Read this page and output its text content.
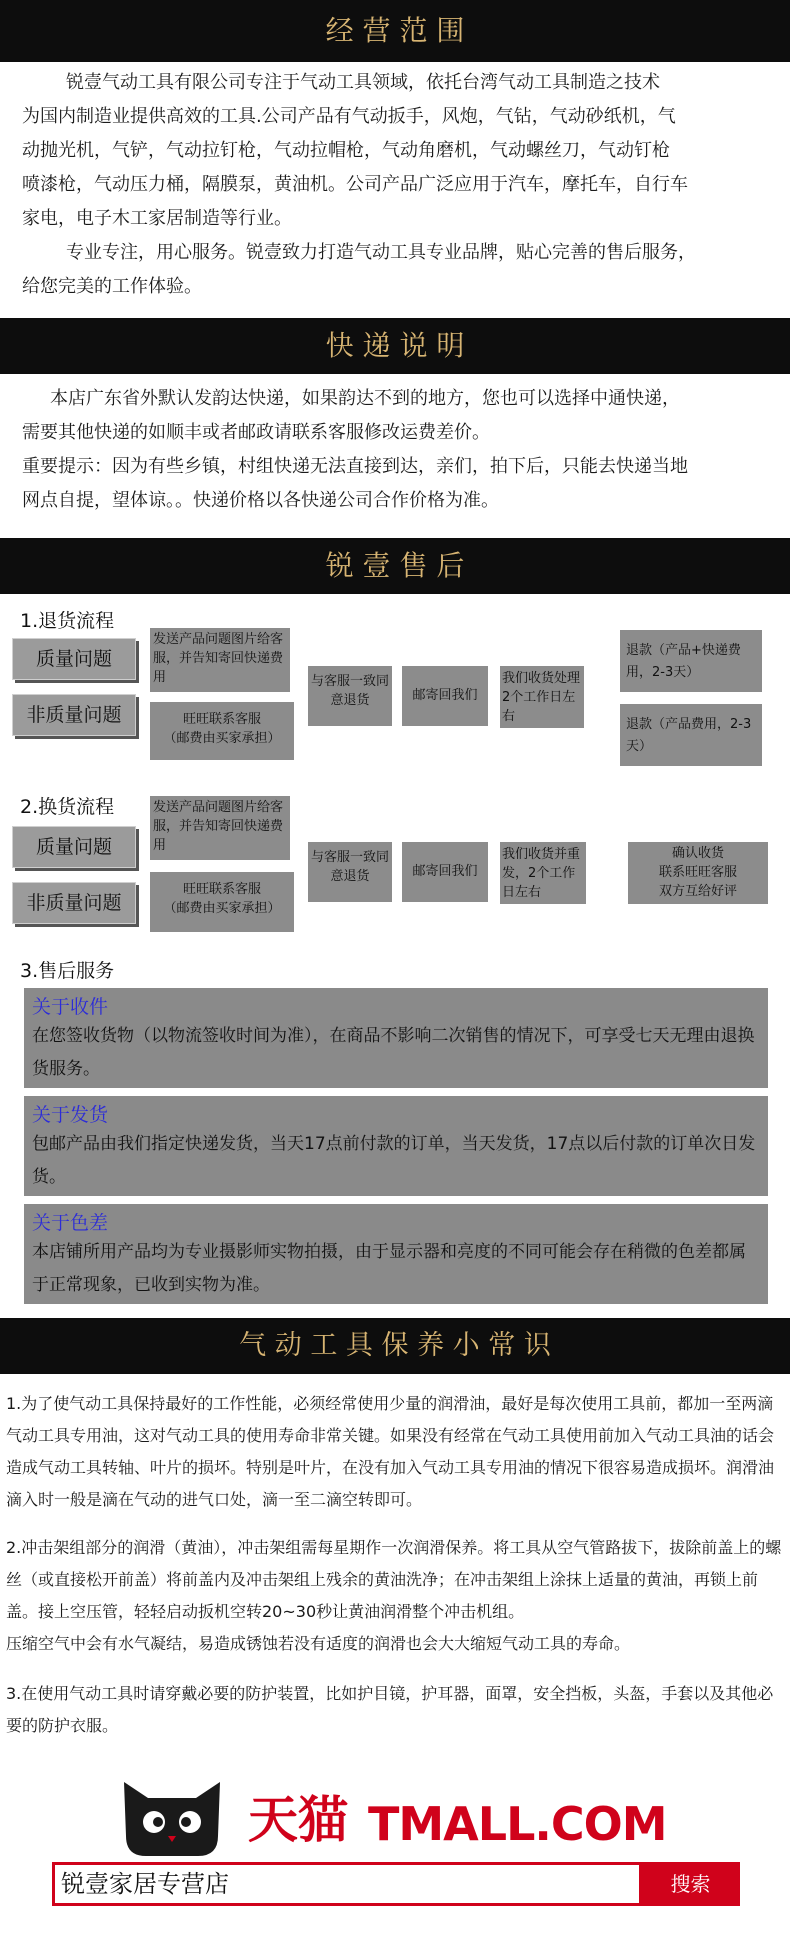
经 营 范 围

锐壹气动工具有限公司专注于气动工具领域，依托台湾气动工具制造之技术

为国内制造业提供高效的工具.公司产品有气动扳手，风炮，气钻，气动砂纸机，气

动抛光机，气铲，气动拉钉枪，气动拉帽枪，气动角磨机，气动螺丝刀，气动钉枪

喷漆枪，气动压力桶，隔膜泵，黄油机。公司产品广泛应用于汽车，摩托车，自行车

家电，电子木工家居制造等行业。

专业专注，用心服务。锐壹致力打造气动工具专业品牌，贴心完善的售后服务，

给您完美的工作体验。

快 递 说 明

本店广东省外默认发韵达快递，如果韵达不到的地方，您也可以选择中通快递，

需要其他快递的如顺丰或者邮政请联系客服修改运费差价。

重要提示：因为有些乡镇，村组快递无法直接到达，亲们，拍下后，只能去快递当地

网点自提，望体谅。。快递价格以各快递公司合作价格为准。

锐 壹 售 后
1.退货流程
质量问题
非质量问题
发送产品问题图片给客服，并告知寄回快递费用
旺旺联系客服
（邮费由买家承担）
与客服一致同意退货	邮寄回我们
我们收货处理2个工作日左右
退款（产品+快递费用，2-3天）
退款（产品费用，2-3天）
2.换货流程
质量问题
非质量问题
发送产品问题图片给客服，并告知寄回快递费用
旺旺联系客服
（邮费由买家承担）
与客服一致同意退货	邮寄回我们
我们收货并重发，2个工作日左右
确认收货
联系旺旺客服
双方互给好评
3.售后服务
关于收件
在您签收货物（以物流签收时间为准），在商品不影响二次销售的情况下，可享受七天无理由退换货服务。
关于发货
包邮产品由我们指定快递发货，当天17点前付款的订单，当天发货，17点以后付款的订单次日发货。
关于色差
本店铺所用产品均为专业摄影师实物拍摄，由于显示器和亮度的不同可能会存在稍微的色差都属于正常现象，已收到实物为准。
气 动 工 具 保 养 小 常 识

1.为了使气动工具保持最好的工作性能，必须经常使用少量的润滑油，最好是每次使用工具前，都加一至两滴气动工具专用油，这对气动工具的使用寿命非常关键。如果没有经常在气动工具使用前加入气动工具油的话会造成气动工具转轴、叶片的损坏。特别是叶片，在没有加入气动工具专用油的情况下很容易造成损坏。润滑油滴入时一般是滴在气动的进气口处，滴一至二滴空转即可。

2.冲击架组部分的润滑（黄油），冲击架组需每星期作一次润滑保养。将工具从空气管路拔下，拔除前盖上的螺丝（或直接松开前盖）将前盖内及冲击架组上残余的黄油洗净；在冲击架组上涂抹上适量的黄油，再锁上前盖。接上空压管，轻轻启动扳机空转20~30秒让黄油润滑整个冲击机组。

压缩空气中会有水气凝结，易造成锈蚀若没有适度的润滑也会大大缩短气动工具的寿命。

3.在使用气动工具时请穿戴必要的防护装置，比如护目镜，护耳器，面罩，安全挡板，头盔，手套以及其他必要的防护衣服。

天猫 TMALL.COM
锐壹家居专营店	搜索
